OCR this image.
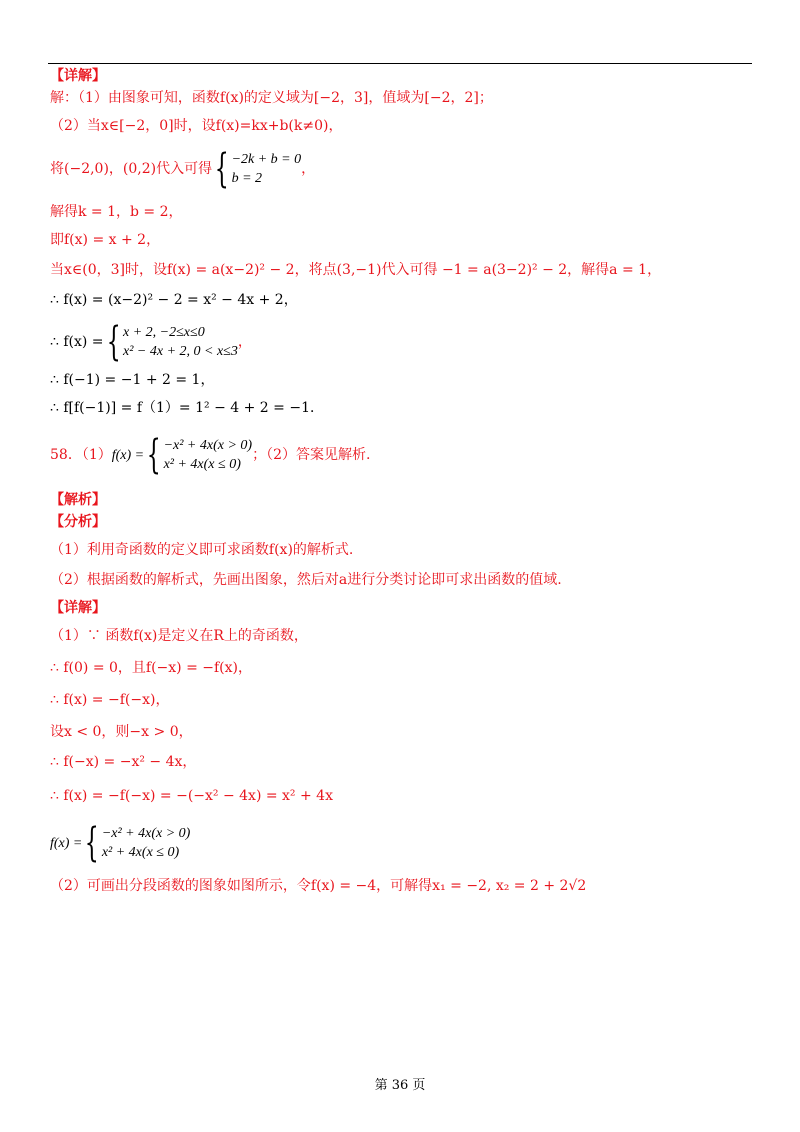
【详解】
解：（1）由图象可知，函数f(x)的定义域为[−2，3]，值域为[−2，2]；
（2）当x∈[−2，0]时，设f(x)=kx+b(k≠0)，
将(−2,0)，(0,2)代入可得{ −2k + b = 0
b = 2
，
解得k = 1，b = 2，
即f(x) = x + 2，
当x∈(0，3]时，设f(x) = a(x−2)² − 2，将点(3,−1)代入可得 −1 = a(3−2)² − 2，解得a = 1，
∴ f(x) = (x−2)² − 2 = x² − 4x + 2，
∴ f(x) ={ x + 2, −2≤x≤0
x² − 4x + 2, 0 < x≤3
，
∴ f(−1) = −1 + 2 = 1，
∴ f[f(−1)] = f（1）= 1² − 4 + 2 = −1．
58．（1）f(x) ={ −x² + 4x(x > 0)
x² + 4x(x ≤ 0)
；（2）答案见解析.
【解析】
【分析】
（1）利用奇函数的定义即可求函数f(x)的解析式.
（2）根据函数的解析式，先画出图象，然后对a进行分类讨论即可求出函数的值域.
【详解】
（1）∵ 函数f(x)是定义在R上的奇函数，
∴ f(0) = 0，且f(−x) = −f(x)，
∴ f(x) = −f(−x)，
设x < 0，则−x > 0，
∴ f(−x) = −x² − 4x，
∴ f(x) = −f(−x) = −(−x² − 4x) = x² + 4x
f(x) ={ −x² + 4x(x > 0)
x² + 4x(x ≤ 0)
（2）可画出分段函数的图象如图所示，令f(x) = −4，可解得x₁ = −2, x₂ = 2 + 2√2
第 36 页
